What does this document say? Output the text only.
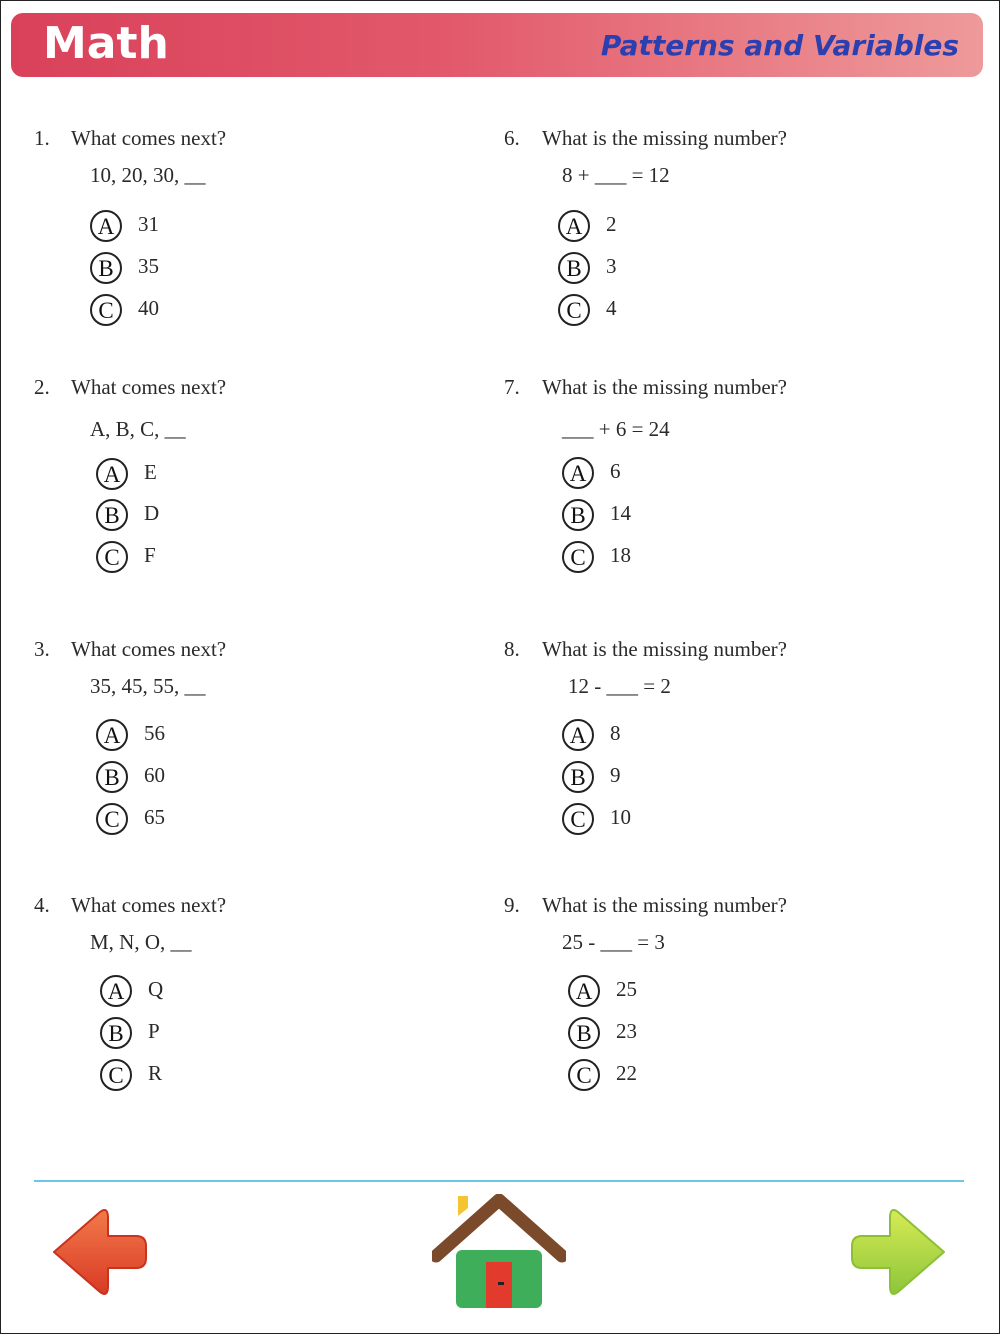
Math	Patterns and Variables
1. What comes next?
10, 20, 30, __
A	31
B	35
C	40
2. What comes next?
A, B, C, __
A	E
B	D
C	F
3. What comes next?
35, 45, 55, __
A	56
B	60
C	65
4. What comes next?
M, N, O, __
A	Q
B	P
C	R
6. What is the missing number?
8 + ___ = 12
A	2
B	3
C	4
7. What is the missing number?
___ + 6 = 24
A	6
B	14
C	18
8. What is the missing number?
12 - ___ = 2
A	8
B	9
C	10
9. What is the missing number?
25 - ___ = 3
A	25
B	23
C	22
